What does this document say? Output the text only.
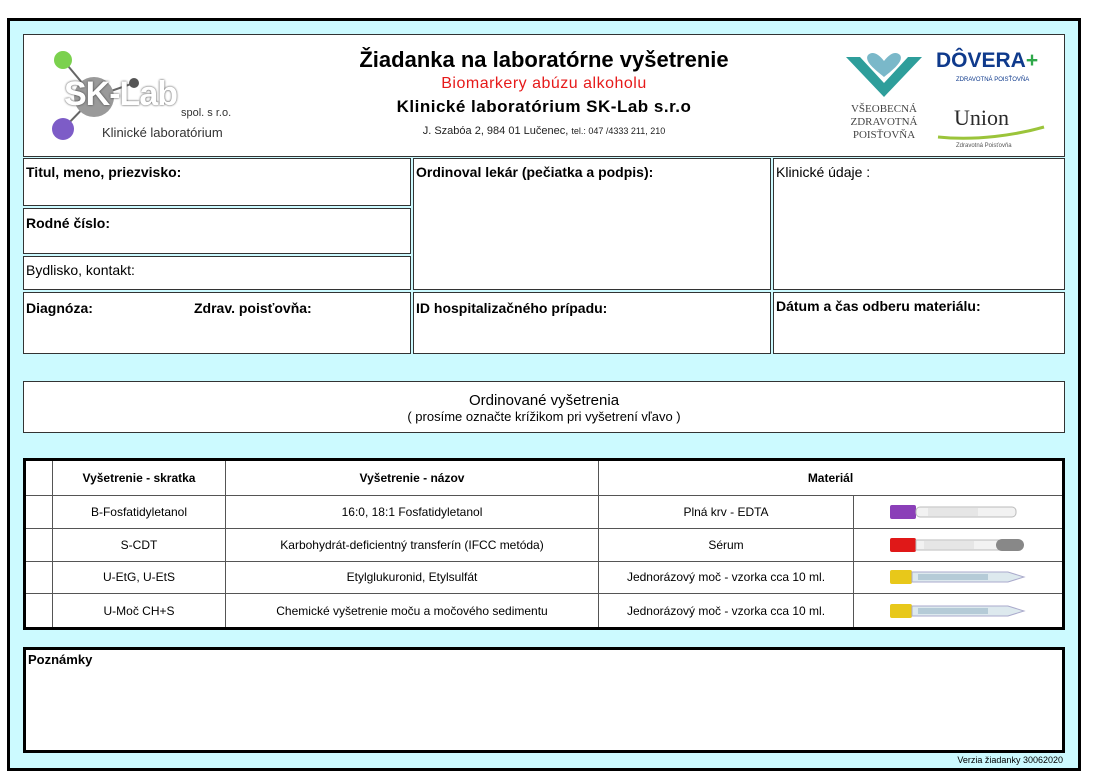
SK-Lab spol. s r.o.
Klinické laboratórium
Žiadanka na laboratórne vyšetrenie
Biomarkery abúzu alkoholu
Klinické laboratórium SK-Lab s.r.o
J. Szabóa 2, 984 01 Lučenec, tel.: 047 /4333 211, 210
VŠEOBECNÁ
ZDRAVOTNÁ
POISŤOVŇA
DÔVERA+
ZDRAVOTNÁ POISŤOVŇA
Union
Zdravotná Poisťovňa
Titul, meno, priezvisko:
Rodné číslo:
Bydlisko, kontakt:
Ordinoval lekár (pečiatka a podpis):	Klinické údaje :
Diagnóza:	Zdrav. poisťovňa:	ID hospitalizačného prípadu:	Dátum a čas odberu materiálu:
Ordinované vyšetrenia
( prosíme označte krížikom pri vyšetrení vľavo )
	Vyšetrenie - skratka	Vyšetrenie - názov	Materiál	
	B-Fosfatidyletanol	16:0, 18:1 Fosfatidyletanol	Plná krv - EDTA	
	S-CDT	Karbohydrát-deficientný transferín (IFCC metóda)	Sérum	
	U-EtG, U-EtS	Etylglukuronid, Etylsulfát	Jednorázový moč - vzorka cca 10 ml.	
	U-Moč CH+S	Chemické vyšetrenie moču a močového sedimentu	Jednorázový moč - vzorka cca 10 ml.	
Poznámky
Verzia žiadanky 30062020
